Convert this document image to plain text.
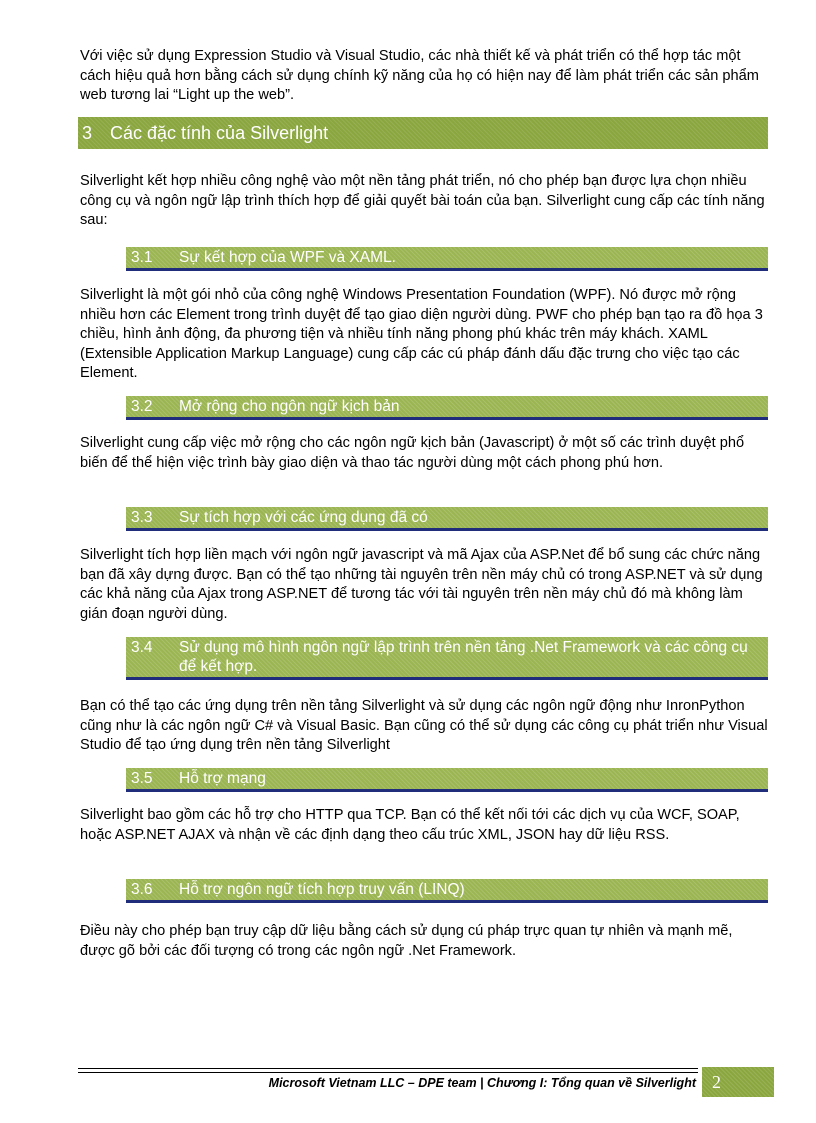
Với việc sử dụng Expression Studio và Visual Studio, các nhà thiết kế và phát triển có thể hợp tác một cách hiệu quả hơn bằng cách sử dụng chính kỹ năng của họ có hiện nay để làm phát triển các sản phẩm web tương lai “Light up the web”.

3 Các đặc tính của Silverlight

Silverlight kết hợp nhiều công nghệ vào một nền tảng phát triển, nó cho phép bạn được lựa chọn nhiều công cụ và ngôn ngữ lập trình thích hợp để giải quyết bài toán của bạn. Silverlight cung cấp các tính năng sau:

3.1 Sự kết hợp của WPF và XAML.

Silverlight là một gói nhỏ của công nghệ Windows Presentation Foundation (WPF). Nó được mở rộng nhiều hơn các Element trong trình duyệt để tạo giao diện người dùng. PWF cho phép bạn tạo ra đồ họa 3 chiều, hình ảnh động, đa phương tiện và nhiều tính năng phong phú khác trên máy khách. XAML (Extensible Application Markup Language) cung cấp các cú pháp đánh dấu đặc trưng cho việc tạo các Element.

3.2 Mở rộng cho ngôn ngữ kịch bản

Silverlight cung cấp việc mở rộng cho các ngôn ngữ kịch bản (Javascript) ở một số các trình duyệt phổ biến để thể hiện việc trình bày giao diện và thao tác người dùng một cách phong phú hơn.

3.3 Sự tích hợp với các ứng dụng đã có

Silverlight tích hợp liền mạch với ngôn ngữ javascript và mã Ajax của ASP.Net để bổ sung các chức năng bạn đã xây dựng được. Bạn có thể tạo những tài nguyên trên nền máy chủ có trong ASP.NET và sử dụng các khả năng của Ajax trong ASP.NET để tương tác với tài nguyên trên nền máy chủ đó mà không làm gián đoạn người dùng.

3.4 Sử dụng mô hình ngôn ngữ lập trình trên nền tảng .Net Framework và các công cụ để kết hợp.

Bạn có thể tạo các ứng dụng trên nền tảng Silverlight và sử dụng các ngôn ngữ động như InronPython cũng như là các ngôn ngữ C# và Visual Basic. Bạn cũng có thể sử dụng các công cụ phát triển như Visual Studio để tạo ứng dụng trên nền tảng Silverlight

3.5 Hỗ trợ mạng

Silverlight bao gồm các hỗ trợ cho HTTP qua TCP. Bạn có thể kết nối tới các dịch vụ của WCF, SOAP, hoặc ASP.NET AJAX và nhận về các định dạng theo cấu trúc XML, JSON hay dữ liệu RSS.

3.6 Hỗ trợ ngôn ngữ tích hợp truy vấn (LINQ)

Điều này cho phép bạn truy cập dữ liệu bằng cách sử dụng cú pháp trực quan tự nhiên và mạnh mẽ, được gõ bởi các đối tượng có trong các ngôn ngữ .Net Framework.

Microsoft Vietnam LLC – DPE team | Chương I: Tổng quan về Silverlight 2
